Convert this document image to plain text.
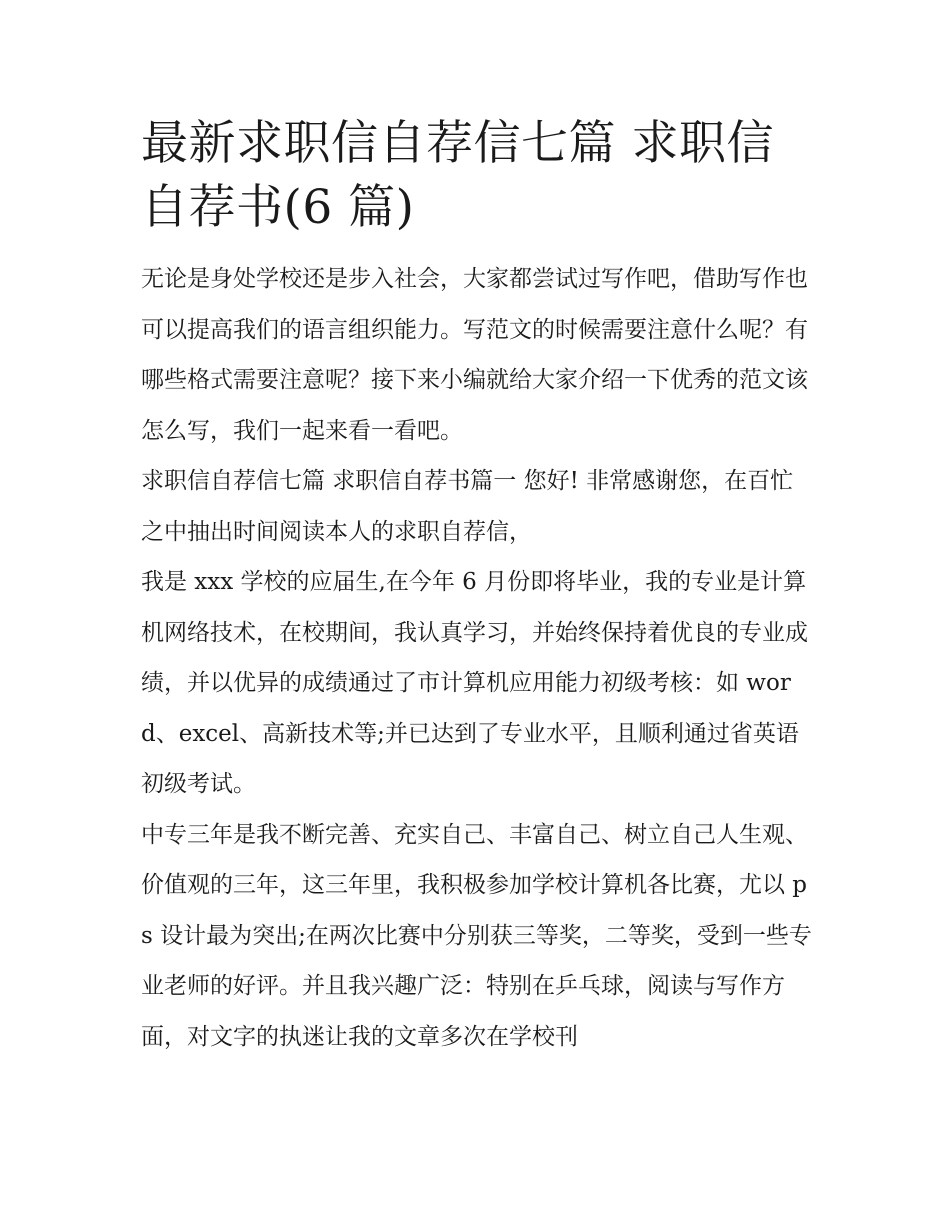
最新求职信自荐信七篇 求职信自荐书(6 篇)

无论是身处学校还是步入社会，大家都尝试过写作吧，借助写作也可以提高我们的语言组织能力。写范文的时候需要注意什么呢？有哪些格式需要注意呢？接下来小编就给大家介绍一下优秀的范文该怎么写，我们一起来看一看吧。

求职信自荐信七篇 求职信自荐书篇一 您好! 非常感谢您，在百忙之中抽出时间阅读本人的求职自荐信，

我是 xxx 学校的应届生,在今年 6 月份即将毕业，我的专业是计算机网络技术，在校期间，我认真学习，并始终保持着优良的专业成绩，并以优异的成绩通过了市计算机应用能力初级考核：如 word、excel、高新技术等;并已达到了专业水平，且顺利通过省英语初级考试。

中专三年是我不断完善、充实自己、丰富自己、树立自己人生观、价值观的三年，这三年里，我积极参加学校计算机各比赛，尤以 ps 设计最为突出;在两次比赛中分别获三等奖，二等奖，受到一些专业老师的好评。并且我兴趣广泛：特别在乒乓球，阅读与写作方面，对文字的执迷让我的文章多次在学校刊
